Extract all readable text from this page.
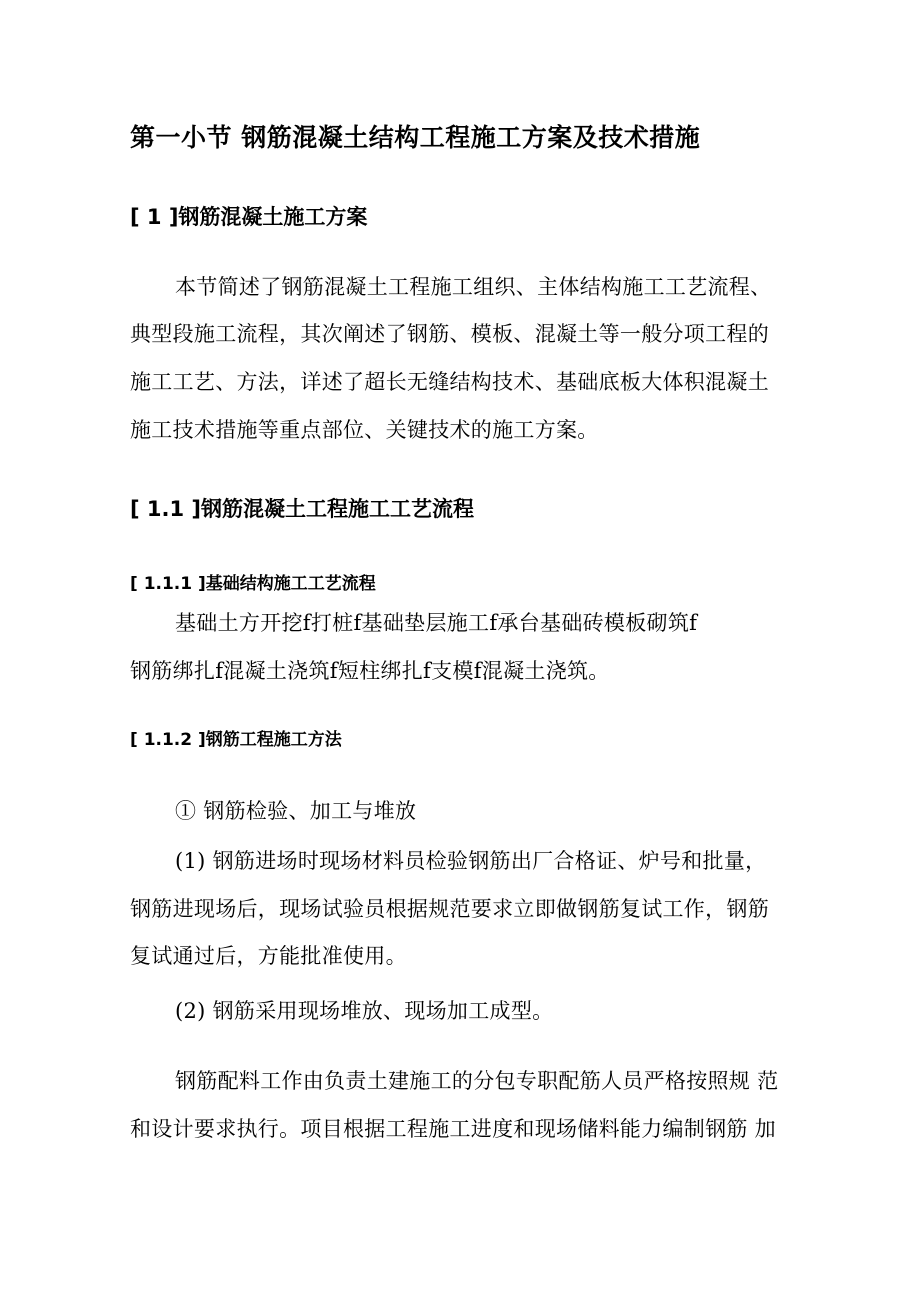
第一小节 钢筋混凝土结构工程施工方案及技术措施

[ 1 ]钢筋混凝土施工方案

本节简述了钢筋混凝土工程施工组织、主体结构施工工艺流程、

典型段施工流程，其次阐述了钢筋、模板、混凝土等一般分项工程的

施工工艺、方法，详述了超长无缝结构技术、基础底板大体积混凝土

施工技术措施等重点部位、关键技术的施工方案。

[ 1.1 ]钢筋混凝土工程施工工艺流程

[ 1.1.1 ]基础结构施工工艺流程

基础土方开挖f打桩f基础垫层施工f承台基础砖模板砌筑f

钢筋绑扎f混凝土浇筑f短柱绑扎f支模f混凝土浇筑。

[ 1.1.2 ]钢筋工程施工方法

① 钢筋检验、加工与堆放

(1) 钢筋进场时现场材料员检验钢筋出厂合格证、炉号和批量，

钢筋进现场后，现场试验员根据规范要求立即做钢筋复试工作，钢筋

复试通过后，方能批准使用。

(2) 钢筋采用现场堆放、现场加工成型。

钢筋配料工作由负责土建施工的分包专职配筋人员严格按照规 范

和设计要求执行。项目根据工程施工进度和现场储料能力编制钢筋 加
